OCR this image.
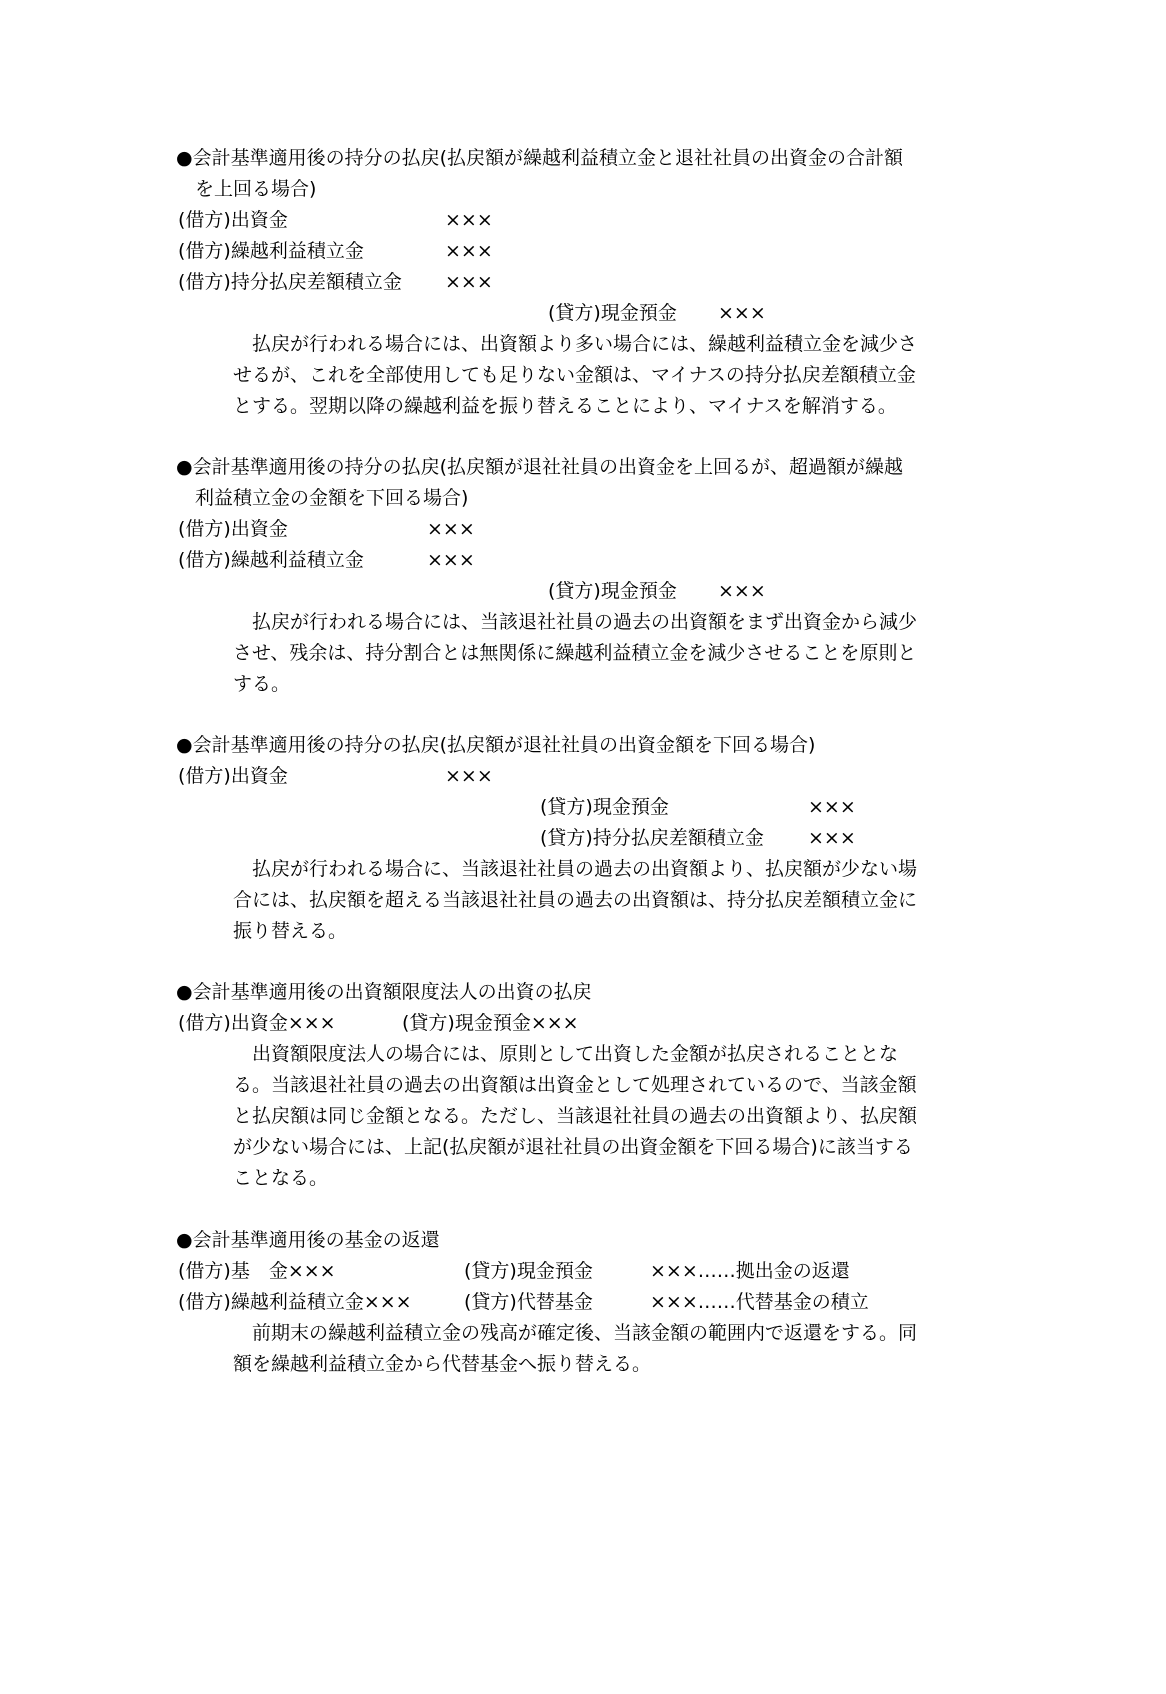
●会計基準適用後の持分の払戻(払戻額が繰越利益積立金と退社社員の出資金の合計額
を上回る場合)
(借方)出資金	×××
(借方)繰越利益積立金	×××
(借方)持分払戻差額積立金 ×××
(貸方)現金預金 ×××
　払戻が行われる場合には、出資額より多い場合には、繰越利益積立金を減少さ
せるが、これを全部使用しても足りない金額は、マイナスの持分払戻差額積立金
とする。翌期以降の繰越利益を振り替えることにより、マイナスを解消する。
●会計基準適用後の持分の払戻(払戻額が退社社員の出資金を上回るが、超過額が繰越
利益積立金の金額を下回る場合)
(借方)出資金	×××
(借方)繰越利益積立金	×××
(貸方)現金預金 ×××
　払戻が行われる場合には、当該退社社員の過去の出資額をまず出資金から減少
させ、残余は、持分割合とは無関係に繰越利益積立金を減少させることを原則と
する。
●会計基準適用後の持分の払戻(払戻額が退社社員の出資金額を下回る場合)
(借方)出資金	×××
(貸方)現金預金	×××
(貸方)持分払戻差額積立金 ×××
　払戻が行われる場合に、当該退社社員の過去の出資額より、払戻額が少ない場
合には、払戻額を超える当該退社社員の過去の出資額は、持分払戻差額積立金に
振り替える。
●会計基準適用後の出資額限度法人の出資の払戻
(借方)出資金×××	(貸方)現金預金×××
　出資額限度法人の場合には、原則として出資した金額が払戻されることとな
る。当該退社社員の過去の出資額は出資金として処理されているので、当該金額
と払戻額は同じ金額となる。ただし、当該退社社員の過去の出資額より、払戻額
が少ない場合には、上記(払戻額が退社社員の出資金額を下回る場合)に該当する
ことなる。
●会計基準適用後の基金の返還
(借方)基　金×××	(貸方)現金預金	×××……拠出金の返還
(借方)繰越利益積立金×××	(貸方)代替基金	×××……代替基金の積立
　前期末の繰越利益積立金の残高が確定後、当該金額の範囲内で返還をする。同
額を繰越利益積立金から代替基金へ振り替える。
